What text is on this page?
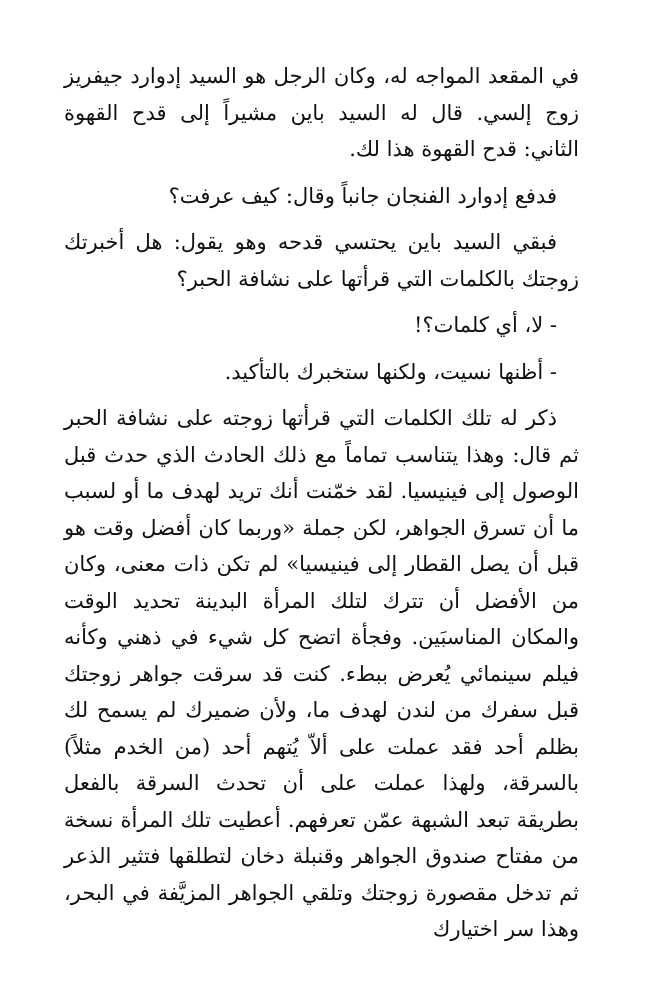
في المقعد المواجه له، وكان الرجل هو السيد إدوارد جيفريز زوج إلسي. قال له السيد باين مشيراً إلى قدح القهوة الثاني: قدح القهوة هذا لك.

فدفع إدوارد الفنجان جانباً وقال: كيف عرفت؟

فبقي السيد باين يحتسي قدحه وهو يقول: هل أخبرتك زوجتك بالكلمات التي قرأتها على نشافة الحبر؟

- لا، أي كلمات؟!

- أظنها نسيت، ولكنها ستخبرك بالتأكيد.

ذكر له تلك الكلمات التي قرأتها زوجته على نشافة الحبر ثم قال: وهذا يتناسب تماماً مع ذلك الحادث الذي حدث قبل الوصول إلى فينيسيا. لقد خمّنت أنك تريد لهدف ما أو لسبب ما أن تسرق الجواهر، لكن جملة «وربما كان أفضل وقت هو قبل أن يصل القطار إلى فينيسيا» لم تكن ذات معنى، وكان من الأفضل أن تترك لتلك المرأة البدينة تحديد الوقت والمكان المناسبَين. وفجأة اتضح كل شيء في ذهني وكأنه فيلم سينمائي يُعرض ببطء. كنت قد سرقت جواهر زوجتك قبل سفرك من لندن لهدف ما، ولأن ضميرك لم يسمح لك بظلم أحد فقد عملت على ألاّ يُتهم أحد (من الخدم مثلاً) بالسرقة، ولهذا عملت على أن تحدث السرقة بالفعل بطريقة تبعد الشبهة عمّن تعرفهم. أعطيت تلك المرأة نسخة من مفتاح صندوق الجواهر وقنبلة دخان لتطلقها فتثير الذعر ثم تدخل مقصورة زوجتك وتلقي الجواهر المزيَّفة في البحر، وهذا سر اختيارك
